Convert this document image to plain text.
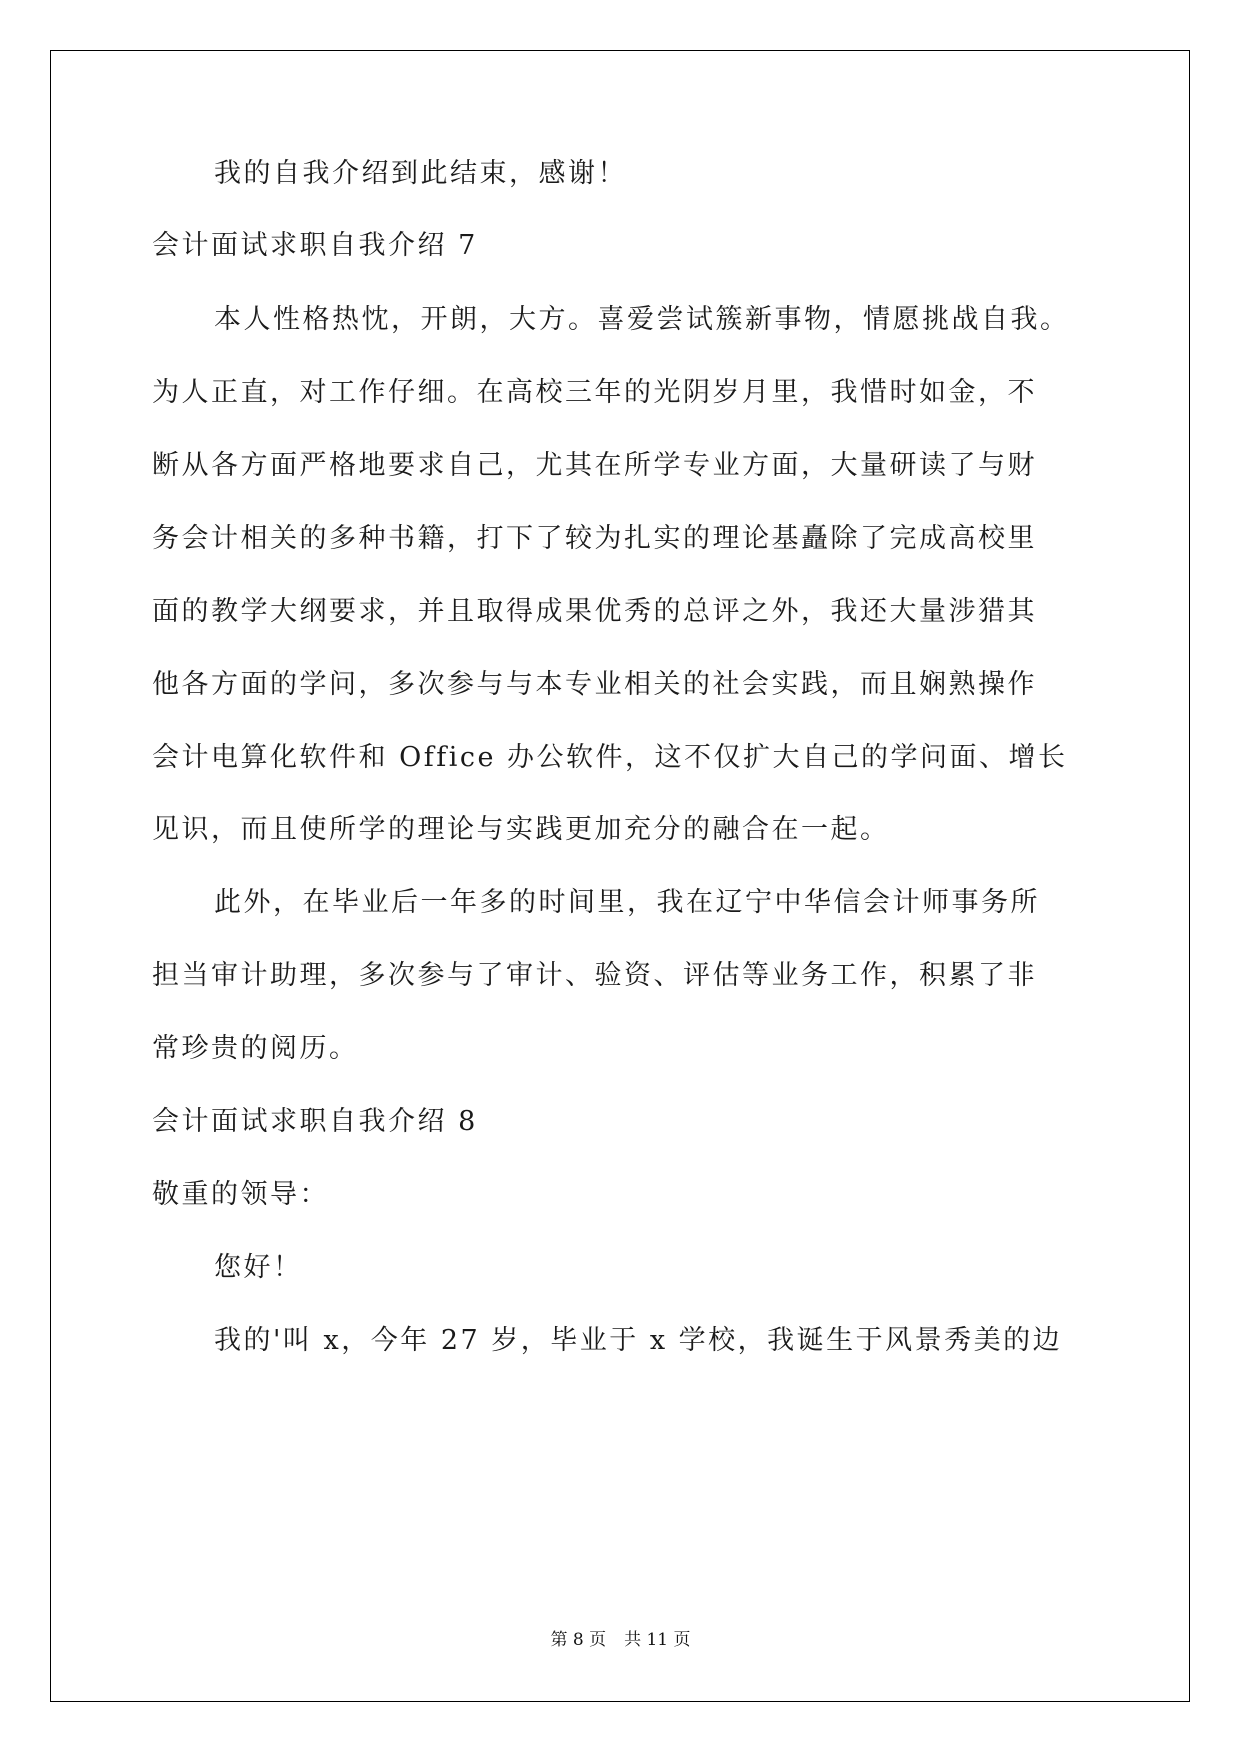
我的自我介绍到此结束，感谢！
会计面试求职自我介绍 7
本人性格热忱，开朗，大方。喜爱尝试簇新事物，情愿挑战自我。
为人正直，对工作仔细。在高校三年的光阴岁月里，我惜时如金，不
断从各方面严格地要求自己，尤其在所学专业方面，大量研读了与财
务会计相关的多种书籍，打下了较为扎实的理论基矗除了完成高校里
面的教学大纲要求，并且取得成果优秀的总评之外，我还大量涉猎其
他各方面的学问，多次参与与本专业相关的社会实践，而且娴熟操作
会计电算化软件和 Office 办公软件，这不仅扩大自己的学问面、增长
见识，而且使所学的理论与实践更加充分的融合在一起。
此外，在毕业后一年多的时间里，我在辽宁中华信会计师事务所
担当审计助理，多次参与了审计、验资、评估等业务工作，积累了非
常珍贵的阅历。
会计面试求职自我介绍 8
敬重的领导：
您好！
我的'叫 x，今年 27 岁，毕业于 x 学校，我诞生于风景秀美的边
第 8 页 共 11 页
